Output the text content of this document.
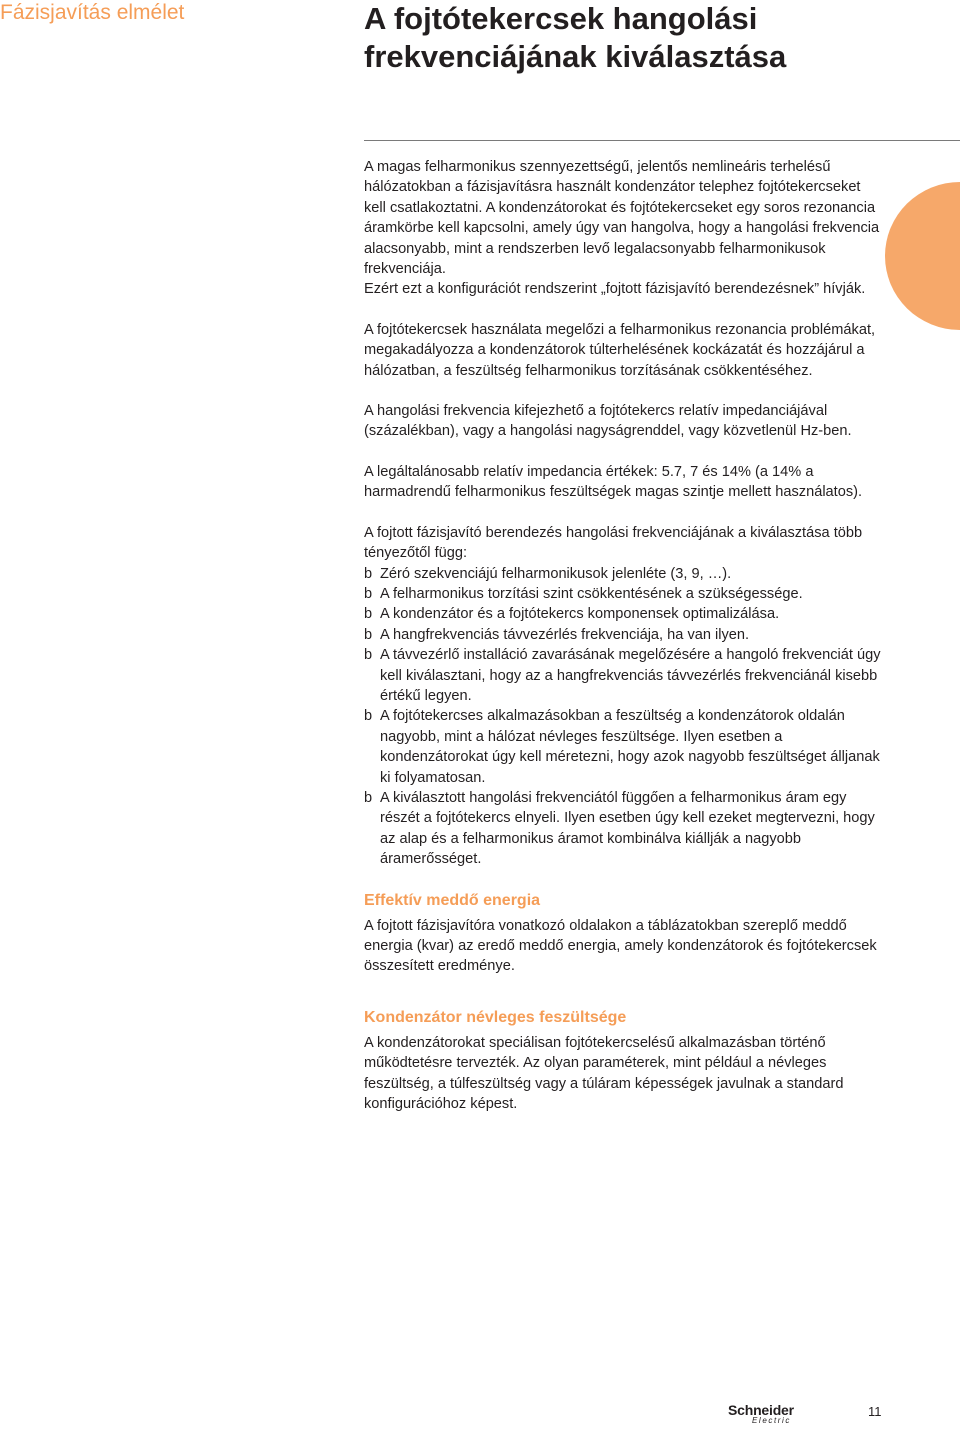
Fázisjavítás elmélet	A fojtótekercsek hangolási
frekvenciájának kiválasztása

A magas felharmonikus szennyezettségű, jelentős nemlineáris terhelésű hálózatokban a fázisjavításra használt kondenzátor telephez fojtótekercseket kell csatlakoztatni. A kondenzátorokat és fojtótekercseket egy soros rezonancia áramkörbe kell kapcsolni, amely úgy van hangolva, hogy a hangolási frekvencia alacsonyabb, mint a rendszerben levő legalacsonyabb felharmonikusok frekvenciája.

Ezért ezt a konfigurációt rendszerint „fojtott fázisjavító berendezésnek” hívják.

A fojtótekercsek használata megelőzi a felharmonikus rezonancia problémákat, megakadályozza a kondenzátorok túlterhelésének kockázatát és hozzájárul a hálózatban, a feszültség felharmonikus torzításának csökkentéséhez.

A hangolási frekvencia kifejezhető a fojtótekercs relatív impedanciájával (százalékban), vagy a hangolási nagyságrenddel, vagy közvetlenül Hz-ben.

A legáltalánosabb relatív impedancia értékek: 5.7, 7 és 14% (a 14% a harmadrendű felharmonikus feszültségek magas szintje mellett használatos).

A fojtott fázisjavító berendezés hangolási frekvenciájának a kiválasztása több tényezőtől függ:

b Zéró szekvenciájú felharmonikusok jelenléte (3, 9, …).
b A felharmonikus torzítási szint csökkentésének a szükségessége.
b A kondenzátor és a fojtótekercs komponensek optimalizálása.
b A hangfrekvenciás távvezérlés frekvenciája, ha van ilyen.
b A távvezérlő installáció zavarásának megelőzésére a hangoló frekvenciát úgy kell kiválasztani, hogy az a hangfrekvenciás távvezérlés frekvenciánál kisebb értékű legyen.
b A fojtótekercses alkalmazásokban a feszültség a kondenzátorok oldalán nagyobb, mint a hálózat névleges feszültsége. Ilyen esetben a kondenzátorokat úgy kell méretezni, hogy azok nagyobb feszültséget álljanak ki folyamatosan.
b A kiválasztott hangolási frekvenciától függően a felharmonikus áram egy részét a fojtótekercs elnyeli. Ilyen esetben úgy kell ezeket megtervezni, hogy az alap és a felharmonikus áramot kombinálva kiállják a nagyobb áramerősséget.
Effektív meddő energia

A fojtott fázisjavítóra vonatkozó oldalakon a táblázatokban szereplő meddő energia (kvar) az eredő meddő energia, amely kondenzátorok és fojtótekercsek összesített eredménye.

Kondenzátor névleges feszültsége

A kondenzátorokat speciálisan fojtótekercselésű alkalmazásban történő működtetésre tervezték. Az olyan paraméterek, mint például a névleges feszültség, a túlfeszültség vagy a túláram képességek javulnak a standard konfigurációhoz képest.

Schneider
Electric
11
